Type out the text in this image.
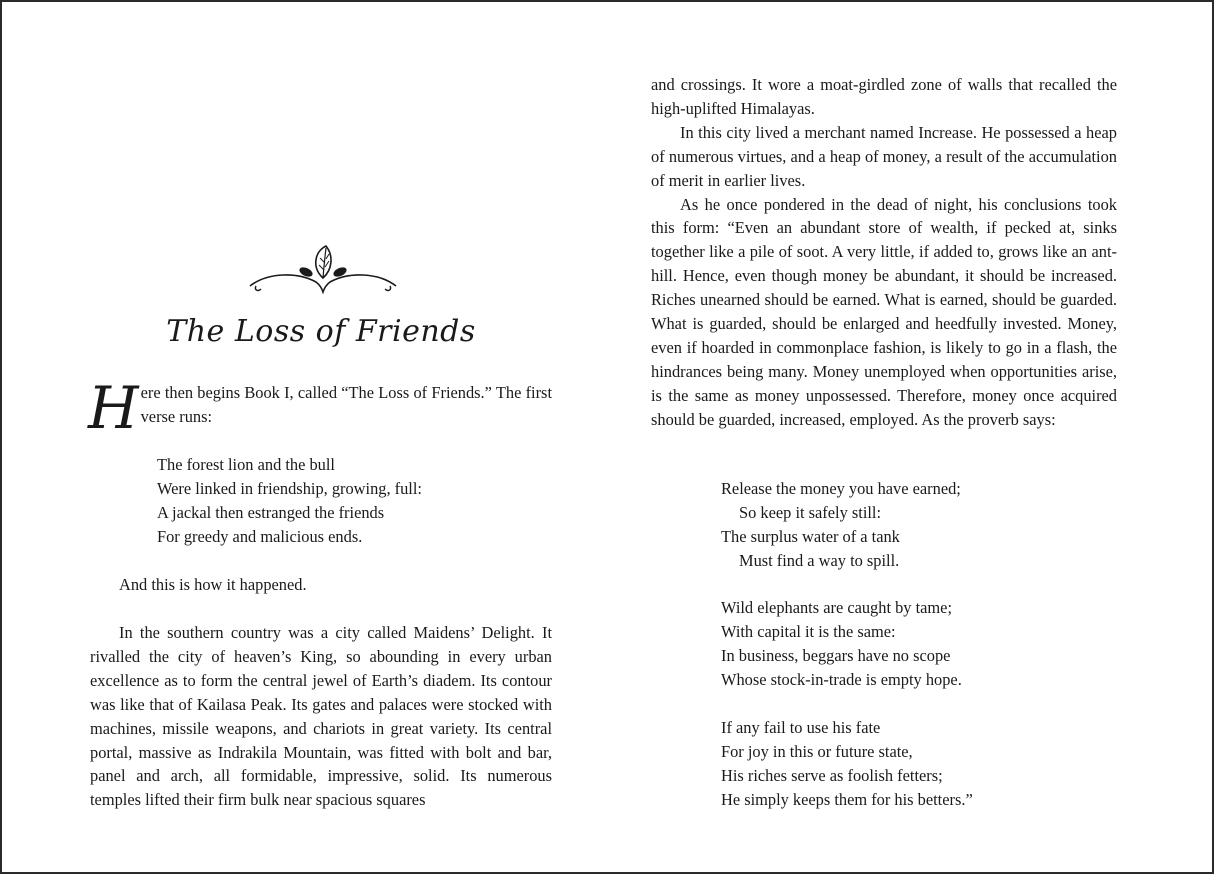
The Loss of Friends
Here then begins Book I, called “The Loss of Friends.” The first verse runs:

The forest lion and the bull

Were linked in friendship, growing, full:

A jackal then estranged the friends

For greedy and malicious ends.

And this is how it happened.

In the southern country was a city called Maidens’ Delight. It rivalled the city of heaven’s King, so abounding in every urban excellence as to form the central jewel of Earth’s diadem. Its contour was like that of Kailasa Peak. Its gates and palaces were stocked with machines, missile weapons, and chariots in great variety. Its central portal, massive as Indrakila Mountain, was fitted with bolt and bar, panel and arch, all formidable, impressive, solid. Its numerous temples lifted their firm bulk near spacious squares

and crossings. It wore a moat-girdled zone of walls that recalled the high-uplifted Himalayas.

In this city lived a merchant named Increase. He possessed a heap of numerous virtues, and a heap of money, a result of the accumulation of merit in earlier lives.

As he once pondered in the dead of night, his conclusions took this form: “Even an abundant store of wealth, if pecked at, sinks together like a pile of soot. A very little, if added to, grows like an ant-hill. Hence, even though money be abundant, it should be increased. Riches unearned should be earned. What is earned, should be guarded. What is guarded, should be enlarged and heedfully invested. Money, even if hoarded in commonplace fashion, is likely to go in a flash, the hindrances being many. Money unemployed when opportunities arise, is the same as money unpossessed. Therefore, money once acquired should be guarded, increased, employed. As the proverb says:

Release the money you have earned;

So keep it safely still:

The surplus water of a tank

Must find a way to spill.

Wild elephants are caught by tame;

With capital it is the same:

In business, beggars have no scope

Whose stock-in-trade is empty hope.

If any fail to use his fate

For joy in this or future state,

His riches serve as foolish fetters;

He simply keeps them for his betters.”
